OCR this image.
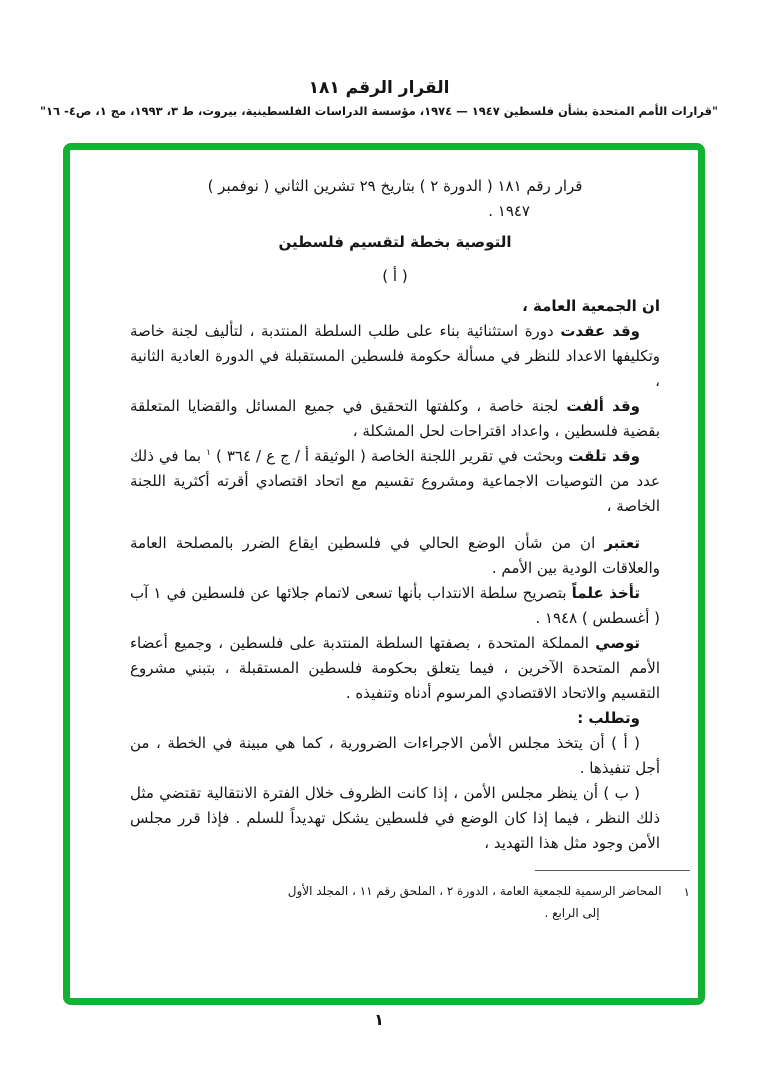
القرار الرقم ١٨١
"قرارات الأمم المتحدة بشأن فلسطين ١٩٤٧ — ١٩٧٤، مؤسسة الدراسات الفلسطينية، بيروت، ط ٣، ١٩٩٣، مج ١، ص٤- ١٦"
قرار رقم ١٨١ ( الدورة ٢ ) بتاريخ ٢٩ تشرين الثاني ( نوفمبر )
١٩٤٧ .
التوصية بخطة لتقسيم فلسطين
( أ )

ان الجمعية العامة ،

وقد عقدت دورة استثنائية بناء على طلب السلطة المنتدبة ، لتأليف لجنة خاصة وتكليفها الاعداد للنظر في مسألة حكومة فلسطين المستقبلة في الدورة العادية الثانية ،

وقد ألفت لجنة خاصة ، وكلفتها التحقيق في جميع المسائل والقضايا المتعلقة بقضية فلسطين ، واعداد اقتراحات لحل المشكلة ،

وقد تلقت وبحثت في تقرير اللجنة الخاصة ( الوثيقة أ / ج ع / ٣٦٤ ) $^١$ بما في ذلك عدد من التوصيات الاجماعية ومشروع تقسيم مع اتحاد اقتصادي أقرته أكثرية اللجنة الخاصة ،

تعتبر ان من شأن الوضع الحالي في فلسطين ايقاع الضرر بالمصلحة العامة والعلاقات الودية بين الأمم .

تأخذ علماً بتصريح سلطة الانتداب بأنها تسعى لاتمام جلائها عن فلسطين في ١ آب ( أغسطس ) ١٩٤٨ .

توصي المملكة المتحدة ، بصفتها السلطة المنتدبة على فلسطين ، وجميع أعضاء الأمم المتحدة الآخرين ، فيما يتعلق بحكومة فلسطين المستقبلة ، بتبني مشروع التقسيم والاتحاد الاقتصادي المرسوم أدناه وتنفيذه .

وتطلب :

( أ ) أن يتخذ مجلس الأمن الاجراءات الضرورية ، كما هي مبينة في الخطة ، من أجل تنفيذها .

( ب ) أن ينظر مجلس الأمن ، إذا كانت الظروف خلال الفترة الانتقالية تقتضي مثل ذلك النظر ، فيما إذا كان الوضع في فلسطين يشكل تهديداً للسلم . فإذا قرر مجلس الأمن وجود مثل هذا التهديد ،

١
المحاضر الرسمية للجمعية العامة ، الدورة ٢ ، الملحق رقم ١١ ، المجلد الأول
إلى الرابع .
١
